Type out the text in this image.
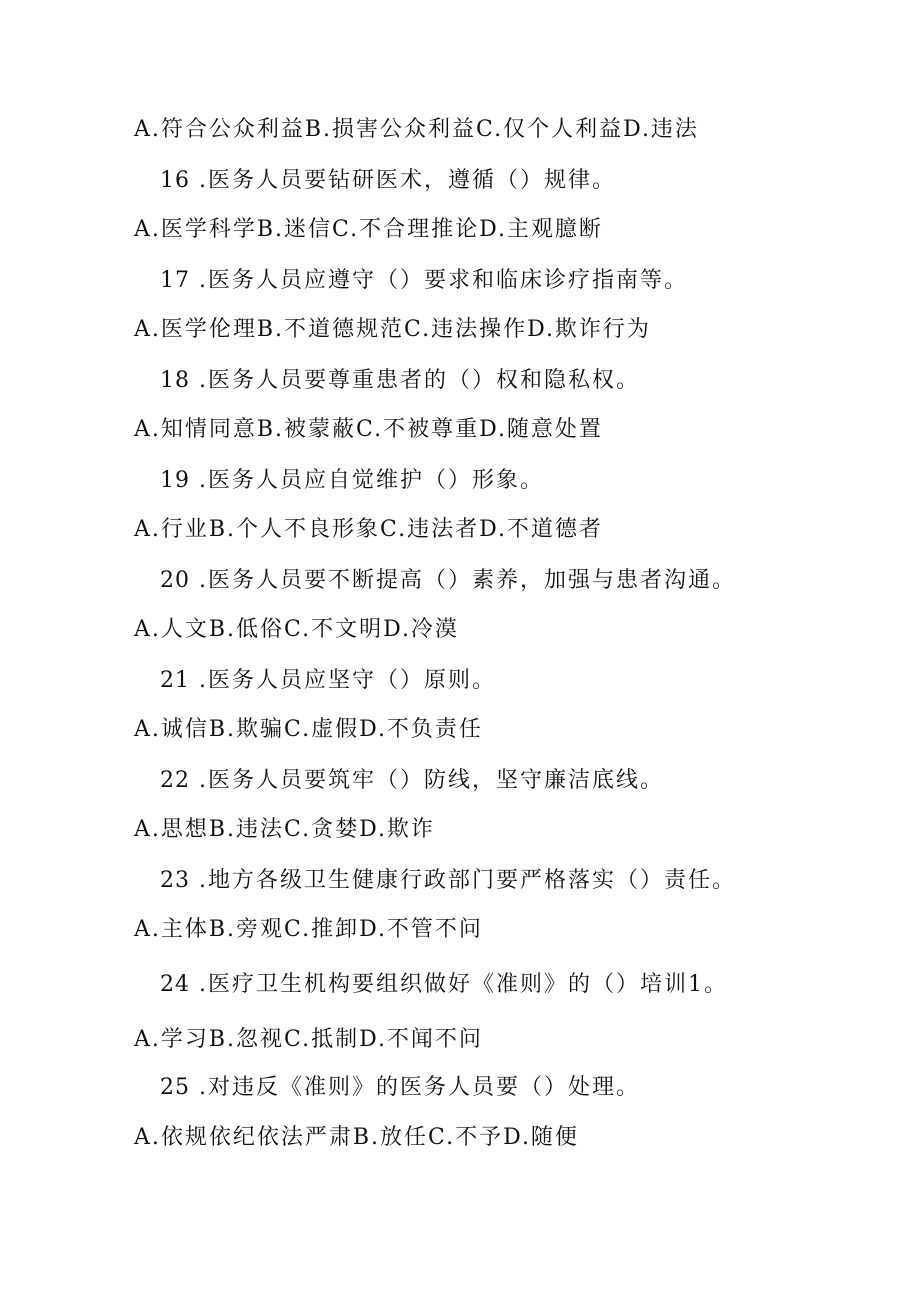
A.符合公众利益B.损害公众利益C.仅个人利益D.违法
16 .医务人员要钻研医术，遵循（）规律。
A.医学科学B.迷信C.不合理推论D.主观臆断
17 .医务人员应遵守（）要求和临床诊疗指南等。
A.医学伦理B.不道德规范C.违法操作D.欺诈行为
18 .医务人员要尊重患者的（）权和隐私权。
A.知情同意B.被蒙蔽C.不被尊重D.随意处置
19 .医务人员应自觉维护（）形象。
A.行业B.个人不良形象C.违法者D.不道德者
20 .医务人员要不断提高（）素养，加强与患者沟通。
A.人文B.低俗C.不文明D.冷漠
21 .医务人员应坚守（）原则。
A.诚信B.欺骗C.虚假D.不负责任
22 .医务人员要筑牢（）防线，坚守廉洁底线。
A.思想B.违法C.贪婪D.欺诈
23 .地方各级卫生健康行政部门要严格落实（）责任。
A.主体B.旁观C.推卸D.不管不问
24 .医疗卫生机构要组织做好《准则》的（）培训1。
A.学习B.忽视C.抵制D.不闻不问
25 .对违反《准则》的医务人员要（）处理。
A.依规依纪依法严肃B.放任C.不予D.随便
